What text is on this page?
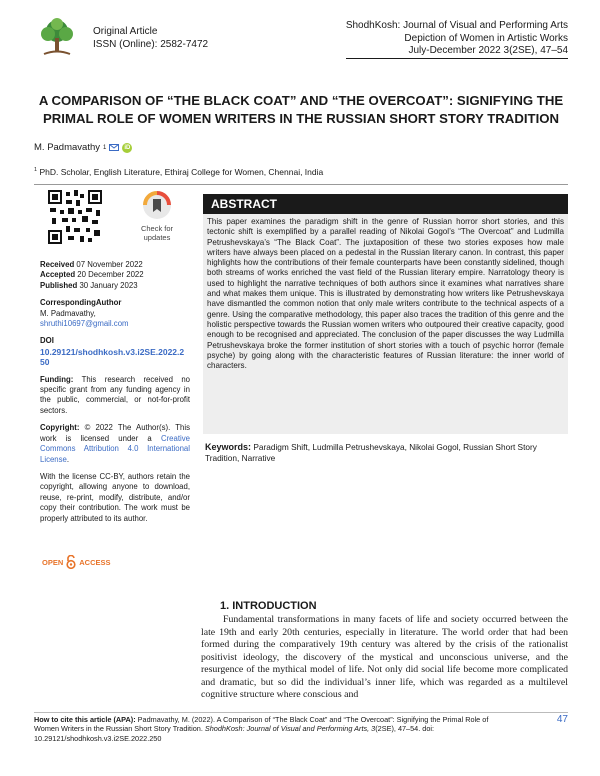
Original Article
ISSN (Online): 2582-7472
ShodhKosh: Journal of Visual and Performing Arts
Depiction of Women in Artistic Works
July-December 2022 3(2SE), 47–54
A COMPARISON OF “THE BLACK COAT” AND “THE OVERCOAT”: SIGNIFYING THE
PRIMAL ROLE OF WOMEN WRITERS IN THE RUSSIAN SHORT STORY TRADITION
M. Padmavathy 1	iD
$^1$ PhD. Scholar, English Literature, Ethiraj College for Women, Chennai, India
Check for
updates
Received 07 November 2022
Accepted 20 December 2022
Published 30 January 2023
CorrespondingAuthor
M. Padmavathy,
shruthi10697@gmail.com
DOI
10.29121/shodhkosh.v3.i2SE.2022.2
50
Funding: This research received no specific grant from any funding agency in the public, commercial, or not-for-profit sectors.
Copyright: © 2022 The Author(s). This work is licensed under a Creative Commons Attribution 4.0 International License.
With the license CC-BY, authors retain the copyright, allowing anyone to download, reuse, re-print, modify, distribute, and/or copy their contribution. The work must be properly attributed to its author.
OPEN ACCESS
ABSTRACT
This paper examines the paradigm shift in the genre of Russian horror short stories, and this tectonic shift is exemplified by a parallel reading of Nikolai Gogol’s “The Overcoat” and Ludmilla Petrushevskaya’s “The Black Coat”. The juxtaposition of these two stories exposes how male writers have always been placed on a pedestal in the Russian literary canon. In contrast, this paper highlights how the contributions of their female counterparts have been constantly sidelined, though both streams of works enriched the vast field of the Russian literary empire. Narratology theory is used to highlight the narrative techniques of both authors since it examines what narratives share and what makes them unique. This is illustrated by demonstrating how writers like Petrushevskaya have dismantled the common notion that only male writers contribute to the technical aspects of a genre. Using the comparative methodology, this paper also traces the tradition of this genre and the holistic perspective towards the Russian women writers who outpoured their creative capacity, good enough to be recognised and appreciated. The conclusion of the paper discusses the way Ludmilla Petrushevskaya broke the former institution of short stories with a touch of psychic horror (female psyche) by going along with the characteristic features of Russian literature: the inner world of characters.
Keywords: Paradigm Shift, Ludmilla Petrushevskaya, Nikolai Gogol, Russian Short Story Tradition, Narrative
1. INTRODUCTION
Fundamental transformations in many facets of life and society occurred between the late 19th and early 20th centuries, especially in literature. The world order that had been formed during the comparatively 19th century was altered by the crisis of the rationalist positivist ideology, the discovery of the mystical and unconscious universe, and the resurgence of the mythical model of life. Not only did social life become more complicated and dramatic, but so did the individual’s inner life, which was regarded as a multilevel cognitive structure where conscious and
How to cite this article (APA): Padmavathy, M. (2022). A Comparison of “The Black Coat” and “The Overcoat”: Signifying the Primal Role of Women Writers in the Russian Short Story Tradition. ShodhKosh: Journal of Visual and Performing Arts, 3(2SE), 47–54. doi: 10.29121/shodhkosh.v3.i2SE.2022.250
47
